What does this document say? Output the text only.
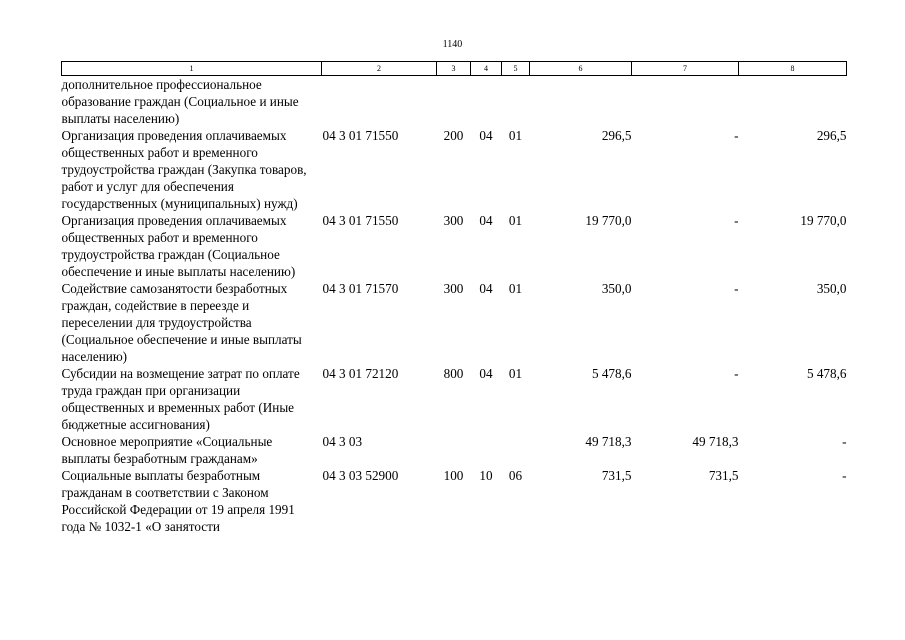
1140
1	2	3	4	5	6	7	8
дополнительное профессиональное образование граждан (Социальное и иные выплаты населению)							
Организация проведения оплачиваемых общественных работ и временного трудоустройства граждан (Закупка товаров, работ и услуг для обеспечения государственных (муниципальных) нужд)	04 3 01 71550	200	04	01	296,5	-	296,5
Организация проведения оплачиваемых общественных работ и временного трудоустройства граждан (Социальное обеспечение и иные выплаты населению)	04 3 01 71550	300	04	01	19 770,0	-	19 770,0
Содействие самозанятости безработных граждан, содействие в переезде и переселении для трудоустройства (Социальное обеспечение и иные выплаты населению)	04 3 01 71570	300	04	01	350,0	-	350,0
Субсидии на возмещение затрат по оплате труда граждан при организации общественных и временных работ (Иные бюджетные ассигнования)	04 3 01 72120	800	04	01	5 478,6	-	5 478,6
Основное мероприятие «Социальные выплаты безработным гражданам»	04 3 03				49 718,3	49 718,3	-
Социальные выплаты безработным гражданам в соответствии с Законом Российской Федерации от 19 апреля 1991 года № 1032-1 «О занятости	04 3 03 52900	100	10	06	731,5	731,5	-
